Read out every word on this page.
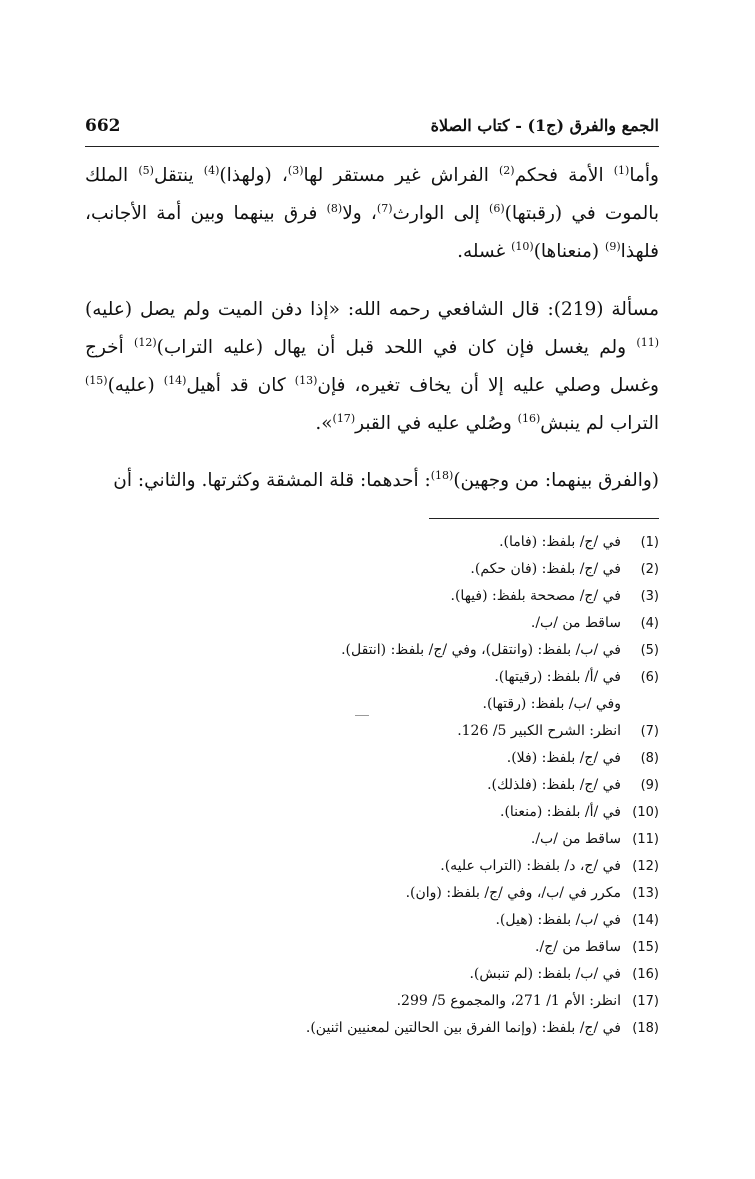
662	الجمع والفرق (ج1) - كتاب الصلاة

وأما$^{(1)}$ الأمة فحكم$^{(2)}$ الفراش غير مستقر لها$^{(3)}$، (ولهذا)$^{(4)}$ ينتقل$^{(5)}$ الملك بالموت في (رقبتها)$^{(6)}$ إلى الوارث$^{(7)}$، ولا$^{(8)}$ فرق بينهما وبين أمة الأجانب، فلهذا$^{(9)}$ (منعناها)$^{(10)}$ غسله.

مسألة (219): قال الشافعي رحمه الله: «إذا دفن الميت ولم يصل (عليه)$^{(11)}$ ولم يغسل فإن كان في اللحد قبل أن يهال (عليه التراب)$^{(12)}$ أخرج وغسل وصلي عليه إلا أن يخاف تغيره، فإن$^{(13)}$ كان قد أهيل$^{(14)}$ (عليه)$^{(15)}$ التراب لم ينبش$^{(16)}$ وصُلي عليه في القبر$^{(17)}$».

(والفرق بينهما: من وجهين)$^{(18)}$: أحدهما: قلة المشقة وكثرتها. والثاني: أن

(1)
في /ج/ بلفظ: (فاما).
(2)
في /ج/ بلفظ: (فان حكم).
(3)
في /ج/ مصححة بلفظ: (فيها).
(4)
ساقط من /ب/.
(5)
في /ب/ بلفظ: (وانتقل)، وفي /ج/ بلفظ: (انتقل).
(6)
في /أ/ بلفظ: (رقيتها).
وفي /ب/ بلفظ: (رقتها).
(7)
انظر: الشرح الكبير 5/ 126.
(8)
في /ج/ بلفظ: (فلا).
(9)
في /ج/ بلفظ: (فلذلك).
(10)
في /أ/ بلفظ: (منعنا).
(11)
ساقط من /ب/.
(12)
في /ج، د/ بلفظ: (التراب عليه).
(13)
مكرر في /ب/، وفي /ج/ بلفظ: (وان).
(14)
في /ب/ بلفظ: (هيل).
(15)
ساقط من /ج/.
(16)
في /ب/ بلفظ: (لم تنبش).
(17)
انظر: الأم 1/ 271، والمجموع 5/ 299.
(18)
في /ج/ بلفظ: (وإنما الفرق بين الحالتين لمعنيين اثنين).
